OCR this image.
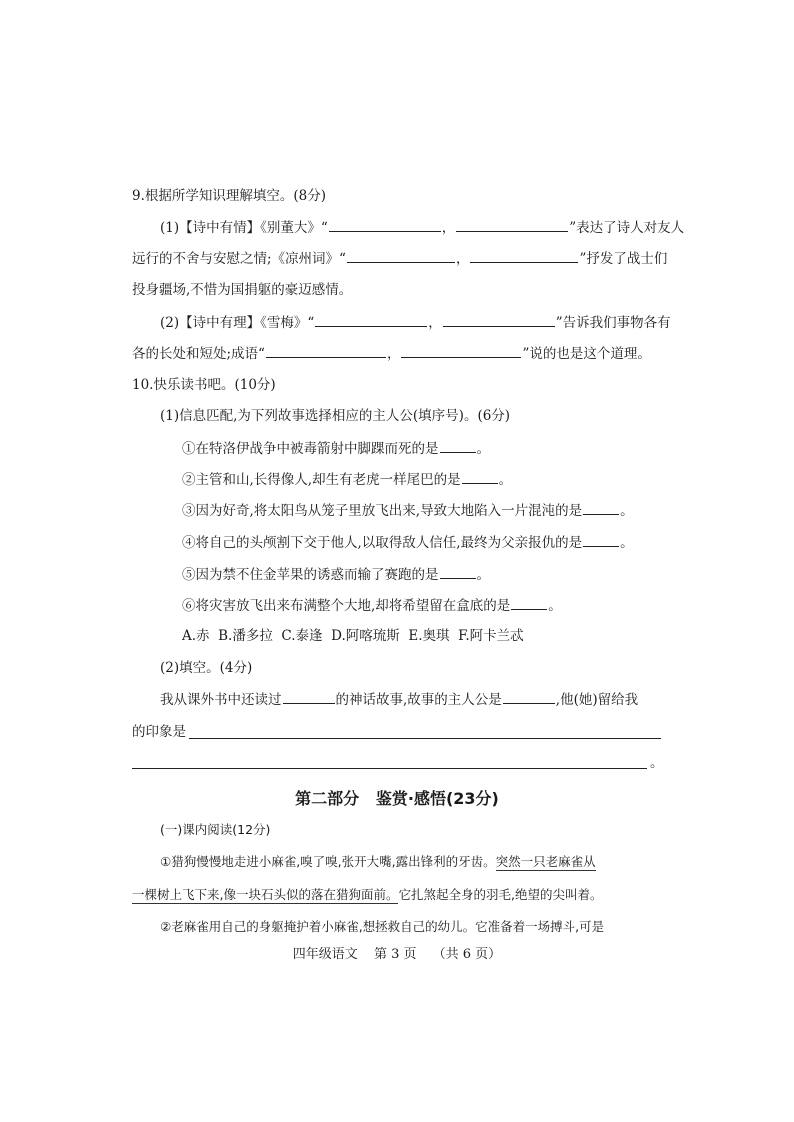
9.根据所学知识理解填空。(8分)
(1)【诗中有情】《别董大》“	，	”表达了诗人对友人
远行的不舍与安慰之情;《凉州词》“	，	”抒发了战士们
投身疆场,不惜为国捐躯的豪迈感情。
(2)【诗中有理】《雪梅》“	，	”告诉我们事物各有
各的长处和短处;成语“	，	”说的也是这个道理。
10.快乐读书吧。(10分)
(1)信息匹配,为下列故事选择相应的主人公(填序号)。(6分)
①在特洛伊战争中被毒箭射中脚踝而死的是	。
②主管和山,长得像人,却生有老虎一样尾巴的是	。
③因为好奇,将太阳鸟从笼子里放飞出来,导致大地陷入一片混沌的是	。
④将自己的头颅割下交于他人,以取得敌人信任,最终为父亲报仇的是	。
⑤因为禁不住金苹果的诱惑而输了赛跑的是	。
⑥将灾害放飞出来布满整个大地,却将希望留在盒底的是	。
A.赤  B.潘多拉  C.泰逢  D.阿喀琉斯  E.奥琪  F.阿卡兰忒
(2)填空。(4分)
我从课外书中还读过	的神话故事,故事的主人公是	,他(她)留给我
的印象是
。
第二部分   鉴赏·感悟(23分)
(一)课内阅读(12分)
①猎狗慢慢地走进小麻雀,嗅了嗅,张开大嘴,露出锋利的牙齿。突然一只老麻雀从
一棵树上飞下来,像一块石头似的落在猎狗面前。它扎煞起全身的羽毛,绝望的尖叫着。
②老麻雀用自己的身躯掩护着小麻雀,想拯救自己的幼儿。它准备着一场搏斗,可是
四年级语文 第 3 页 （共 6 页）
